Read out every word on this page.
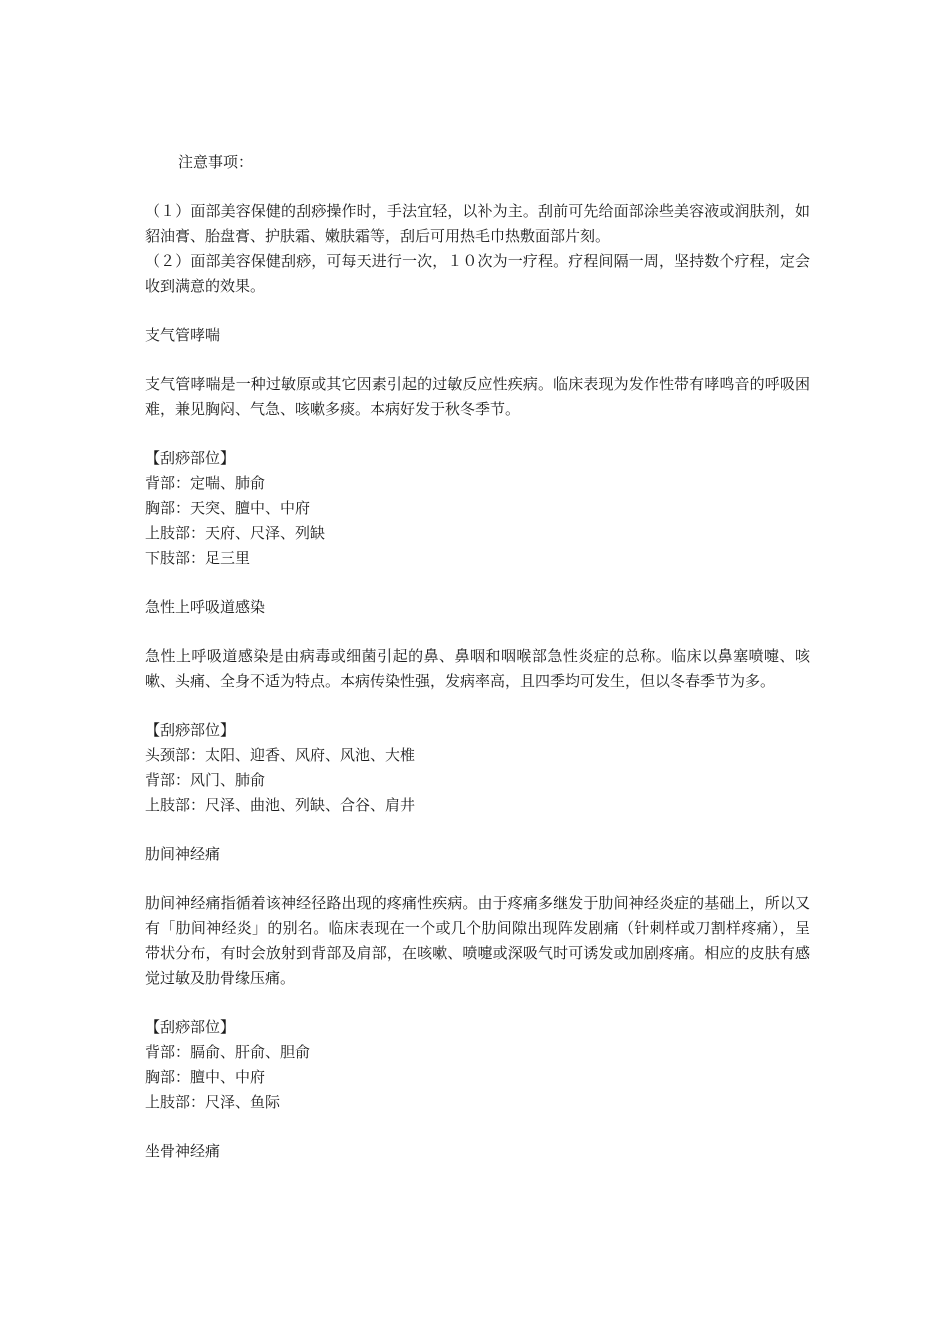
注意事项：
（１）面部美容保健的刮痧操作时，手法宜轻，以补为主。刮前可先给面部涂些美容液或润肤剂，如貂油膏、胎盘膏、护肤霜、嫩肤霜等，刮后可用热毛巾热敷面部片刻。
（２）面部美容保健刮痧，可每天进行一次，１０次为一疗程。疗程间隔一周，坚持数个疗程，定会收到满意的效果。
支气管哮喘
支气管哮喘是一种过敏原或其它因素引起的过敏反应性疾病。临床表现为发作性带有哮鸣音的呼吸困难，兼见胸闷、气急、咳嗽多痰。本病好发于秋冬季节。
【刮痧部位】
背部：定喘、肺俞
胸部：天突、膻中、中府
上肢部：天府、尺泽、列缺
下肢部：足三里
急性上呼吸道感染
急性上呼吸道感染是由病毒或细菌引起的鼻、鼻咽和咽喉部急性炎症的总称。临床以鼻塞喷嚏、咳嗽、头痛、全身不适为特点。本病传染性强，发病率高，且四季均可发生，但以冬春季节为多。
【刮痧部位】
头颈部：太阳、迎香、风府、风池、大椎
背部：风门、肺俞
上肢部：尺泽、曲池、列缺、合谷、肩井
肋间神经痛
肋间神经痛指循着该神经径路出现的疼痛性疾病。由于疼痛多继发于肋间神经炎症的基础上，所以又有「肋间神经炎」的别名。临床表现在一个或几个肋间隙出现阵发剧痛（针刺样或刀割样疼痛），呈带状分布，有时会放射到背部及肩部，在咳嗽、喷嚏或深吸气时可诱发或加剧疼痛。相应的皮肤有感觉过敏及肋骨缘压痛。
【刮痧部位】
背部：膈俞、肝俞、胆俞
胸部：膻中、中府
上肢部：尺泽、鱼际
坐骨神经痛
